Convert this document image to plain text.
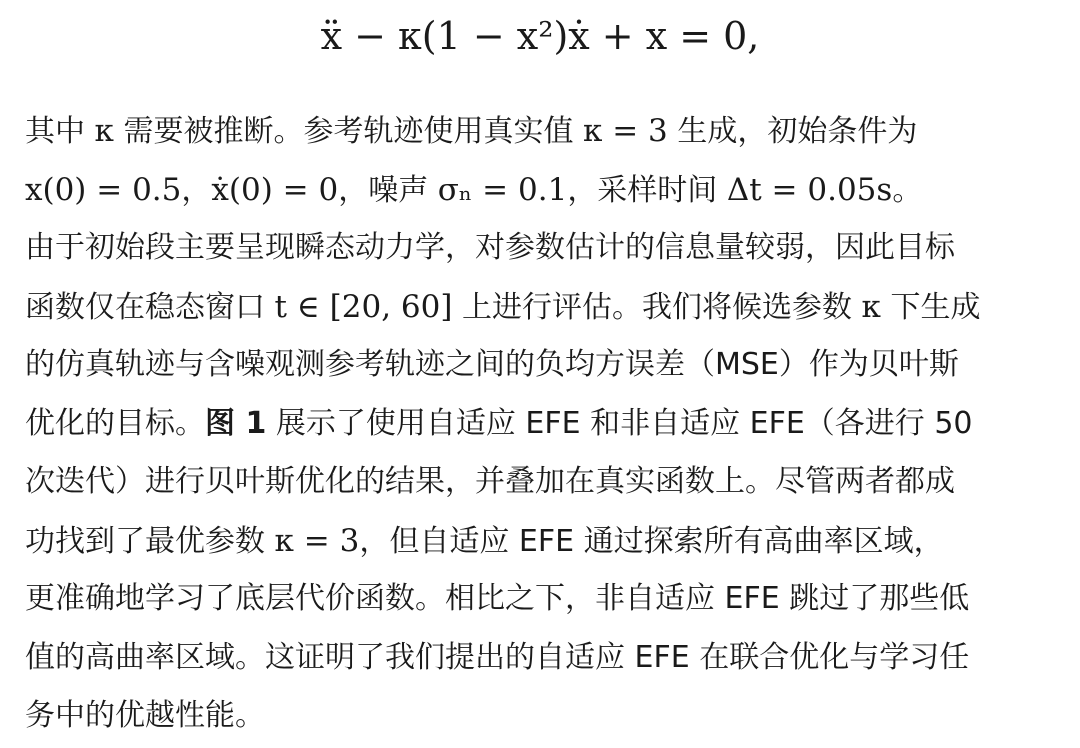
ẍ − κ(1 − x²)ẋ + x = 0,
其中 κ 需要被推断。参考轨迹使用真实值 κ = 3 生成，初始条件为
x(0) = 0.5，ẋ(0) = 0，噪声 σₙ = 0.1，采样时间 Δt = 0.05s。
由于初始段主要呈现瞬态动力学，对参数估计的信息量较弱，因此目标
函数仅在稳态窗口 t ∈ [20, 60] 上进行评估。我们将候选参数 κ 下生成
的仿真轨迹与含噪观测参考轨迹之间的负均方误差（MSE）作为贝叶斯
优化的目标。图 1 展示了使用自适应 EFE 和非自适应 EFE（各进行 50
次迭代）进行贝叶斯优化的结果，并叠加在真实函数上。尽管两者都成
功找到了最优参数 κ = 3，但自适应 EFE 通过探索所有高曲率区域，
更准确地学习了底层代价函数。相比之下，非自适应 EFE 跳过了那些低
值的高曲率区域。这证明了我们提出的自适应 EFE 在联合优化与学习任
务中的优越性能。
